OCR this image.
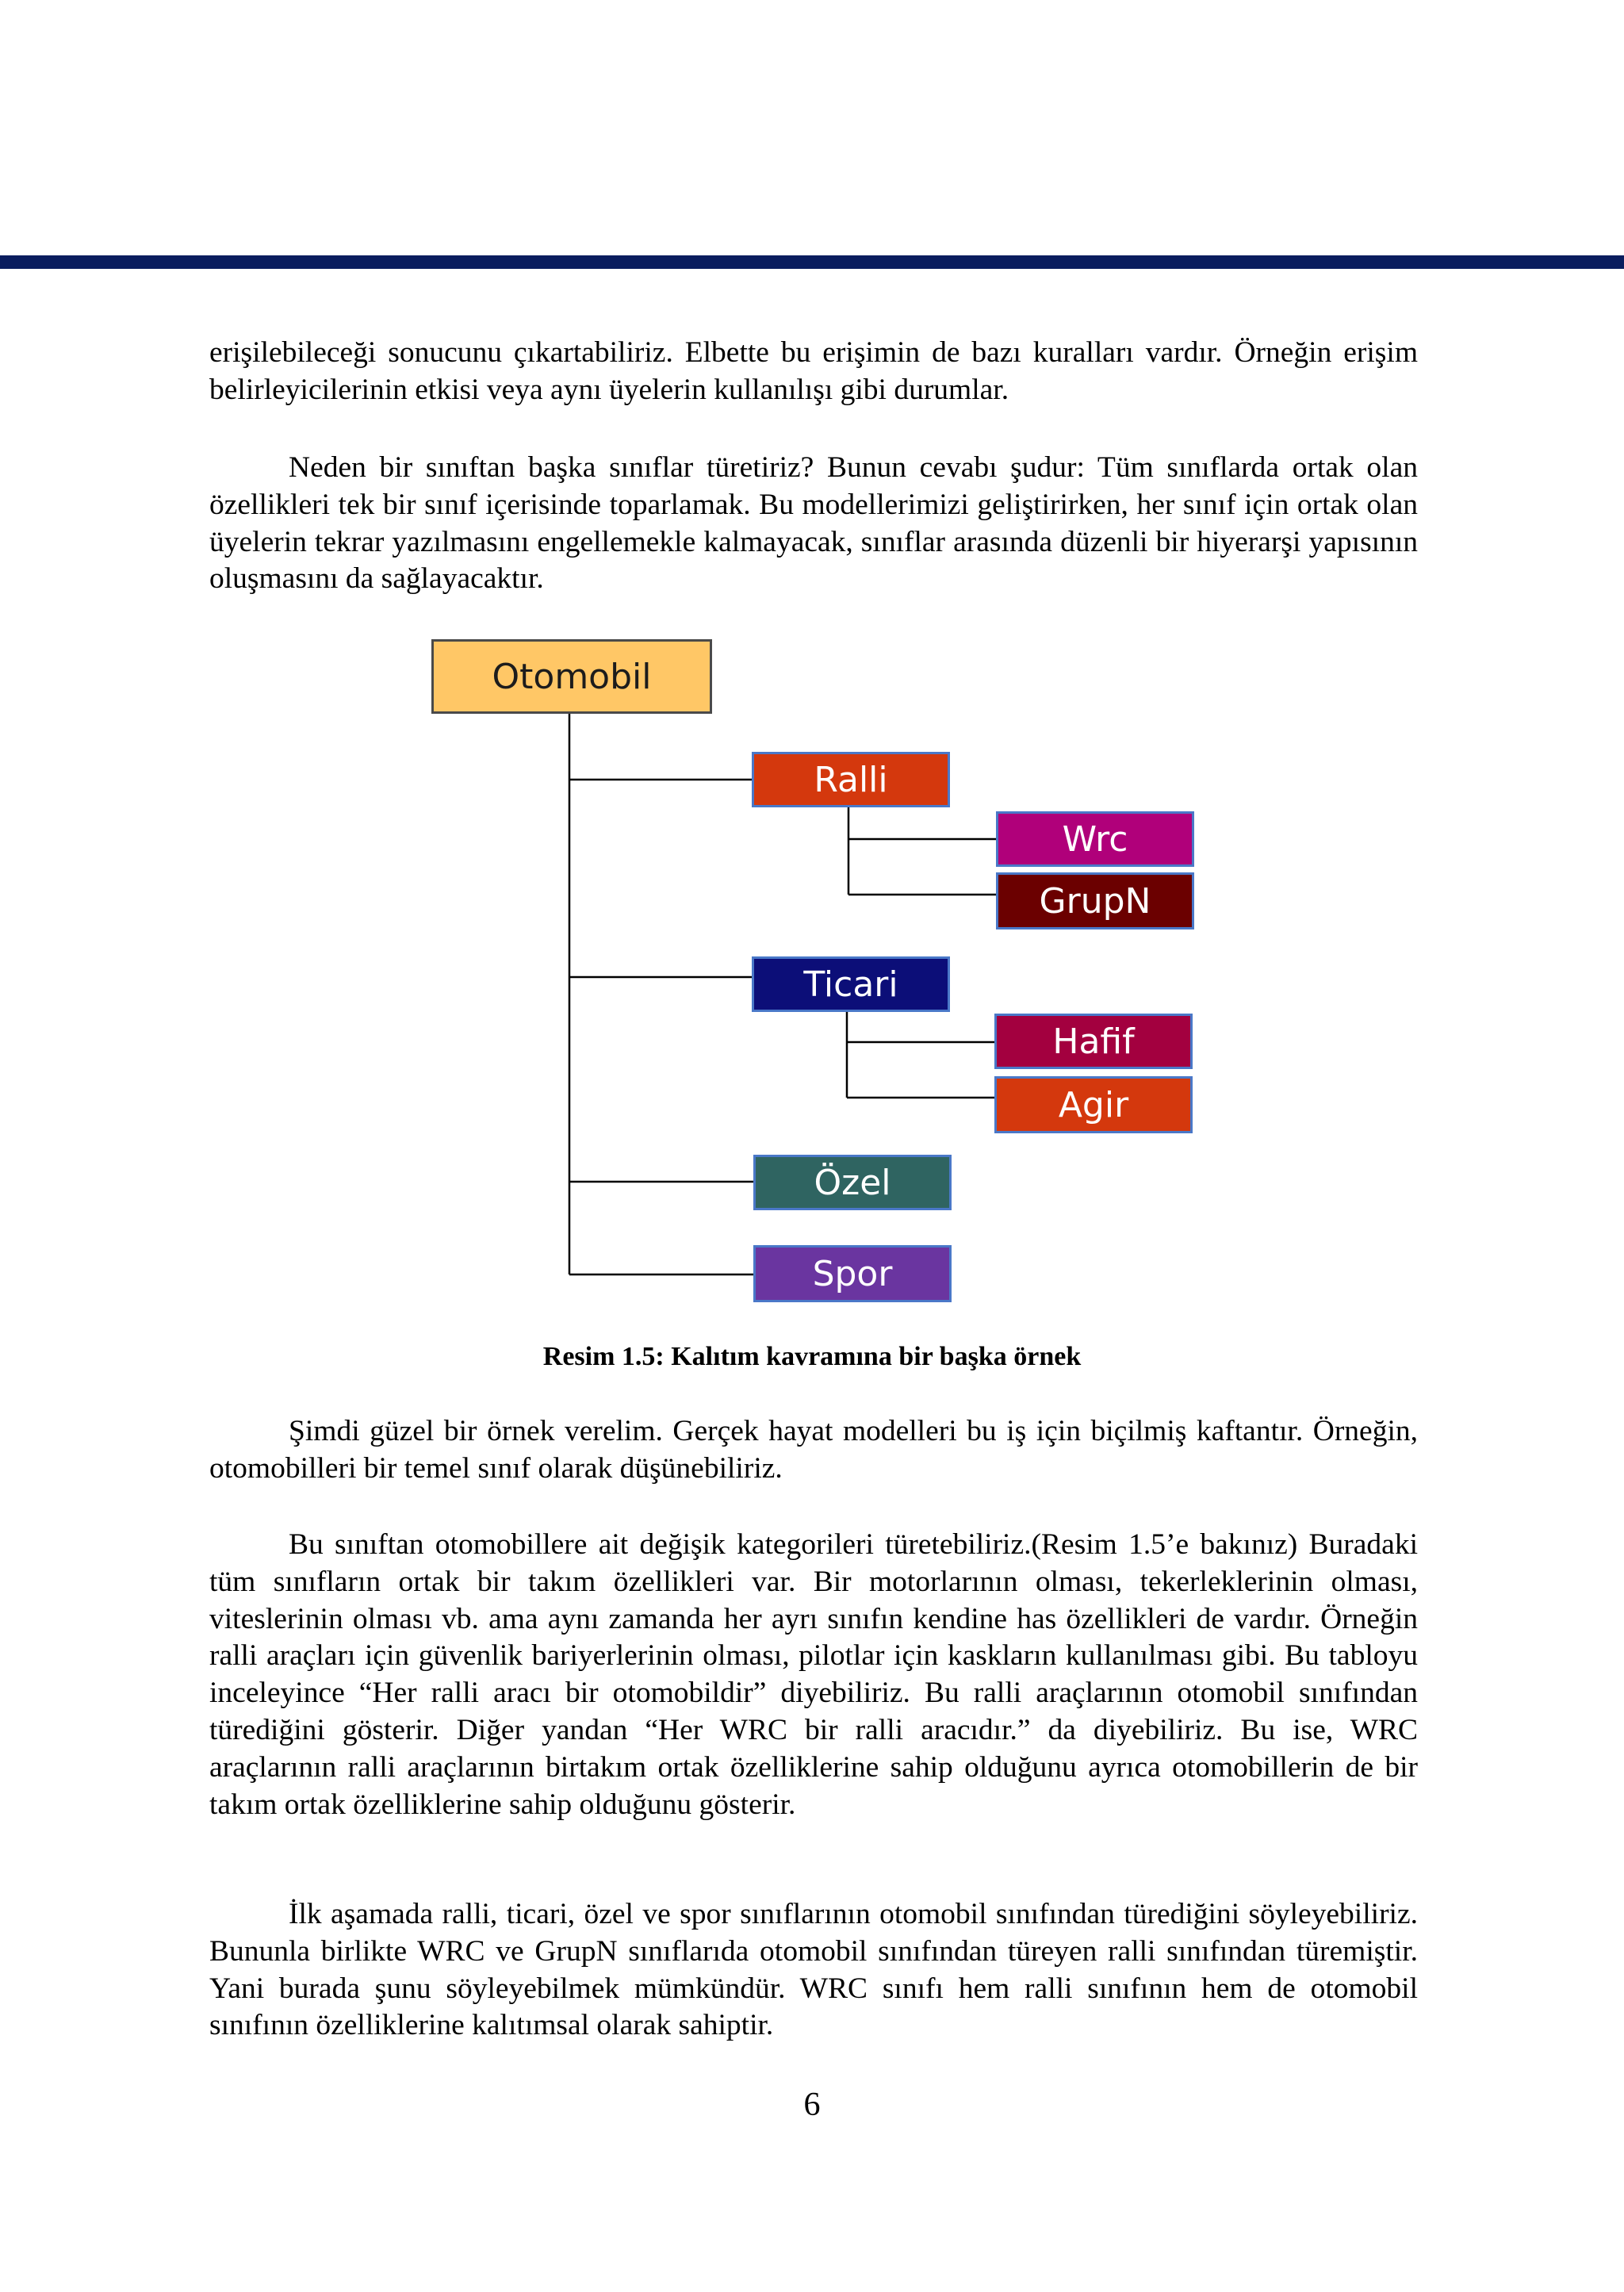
erişilebileceği sonucunu çıkartabiliriz. Elbette bu erişimin de bazı kuralları vardır. Örneğin erişim belirleyicilerinin etkisi veya aynı üyelerin kullanılışı gibi durumlar.

Neden bir sınıftan başka sınıflar türetiriz? Bunun cevabı şudur: Tüm sınıflarda ortak olan özellikleri tek bir sınıf içerisinde toparlamak. Bu modellerimizi geliştirirken, her sınıf için ortak olan üyelerin tekrar yazılmasını engellemekle kalmayacak, sınıflar arasında düzenli bir hiyerarşi yapısının oluşmasını da sağlayacaktır.

Otomobil
Ralli
Wrc
GrupN
Ticari
Hafif
Agir
Özel
Spor
Resim 1.5: Kalıtım kavramına bir başka örnek

Şimdi güzel bir örnek verelim. Gerçek hayat modelleri bu iş için biçilmiş kaftantır. Örneğin, otomobilleri bir temel sınıf olarak düşünebiliriz.

Bu sınıftan otomobillere ait değişik kategorileri türetebiliriz.(Resim 1.5’e bakınız) Buradaki tüm sınıfların ortak bir takım özellikleri var. Bir motorlarının olması, tekerleklerinin olması, viteslerinin olması vb. ama aynı zamanda her ayrı sınıfın kendine has özellikleri de vardır. Örneğin ralli araçları için güvenlik bariyerlerinin olması, pilotlar için kaskların kullanılması gibi. Bu tabloyu inceleyince “Her ralli aracı bir otomobildir” diyebiliriz. Bu ralli araçlarının otomobil sınıfından türediğini gösterir. Diğer yandan “Her WRC bir ralli aracıdır.” da diyebiliriz. Bu ise, WRC araçlarının ralli araçlarının birtakım ortak özelliklerine sahip olduğunu ayrıca otomobillerin de bir takım ortak özelliklerine sahip olduğunu gösterir.

İlk aşamada ralli, ticari, özel ve spor sınıflarının otomobil sınıfından türediğini söyleyebiliriz. Bununla birlikte WRC ve GrupN sınıflarıda otomobil sınıfından türeyen ralli sınıfından türemiştir. Yani burada şunu söyleyebilmek mümkündür. WRC sınıfı hem ralli sınıfının hem de otomobil sınıfının özelliklerine kalıtımsal olarak sahiptir.

6
